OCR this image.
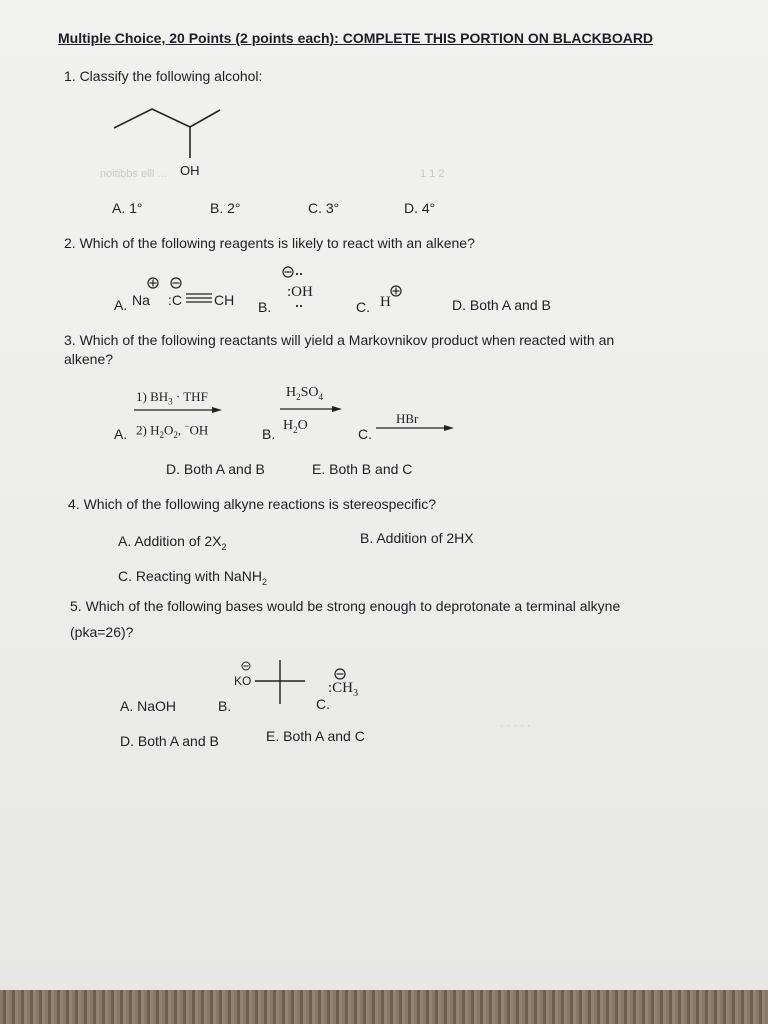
noitibbs elll ...	1 1 2
· · · · ·
Multiple Choice, 20 Points (2 points each): COMPLETE THIS PORTION ON BLACKBOARD
1. Classify the following alcohol:
OH
A. 1°	B. 2°	C. 3°	D. 4°
2. Which of the following reagents is likely to react with an alkene?
A. Na :C CH B.
:OH
C. H	D. Both A and B
3. Which of the following reactants will yield a Markovnikov product when reacted with an
alkene?
1) $BH_3$ · THF
A. 2) $H_2O_2$, −OH
$H_2SO_4$
B.
$H_2O$
C.
HBr
D. Both A and B	E. Both B and C
4. Which of the following alkyne reactions is stereospecific?
A. Addition of $2X_2$
B. Addition of 2HX
C. Reacting with NaNH$_2$
5. Which of the following bases would be strong enough to deprotonate a terminal alkyne
(pka=26)?
A. NaOH	B.
KO
C.
$:CH_3$
D. Both A and B	E. Both A and C
